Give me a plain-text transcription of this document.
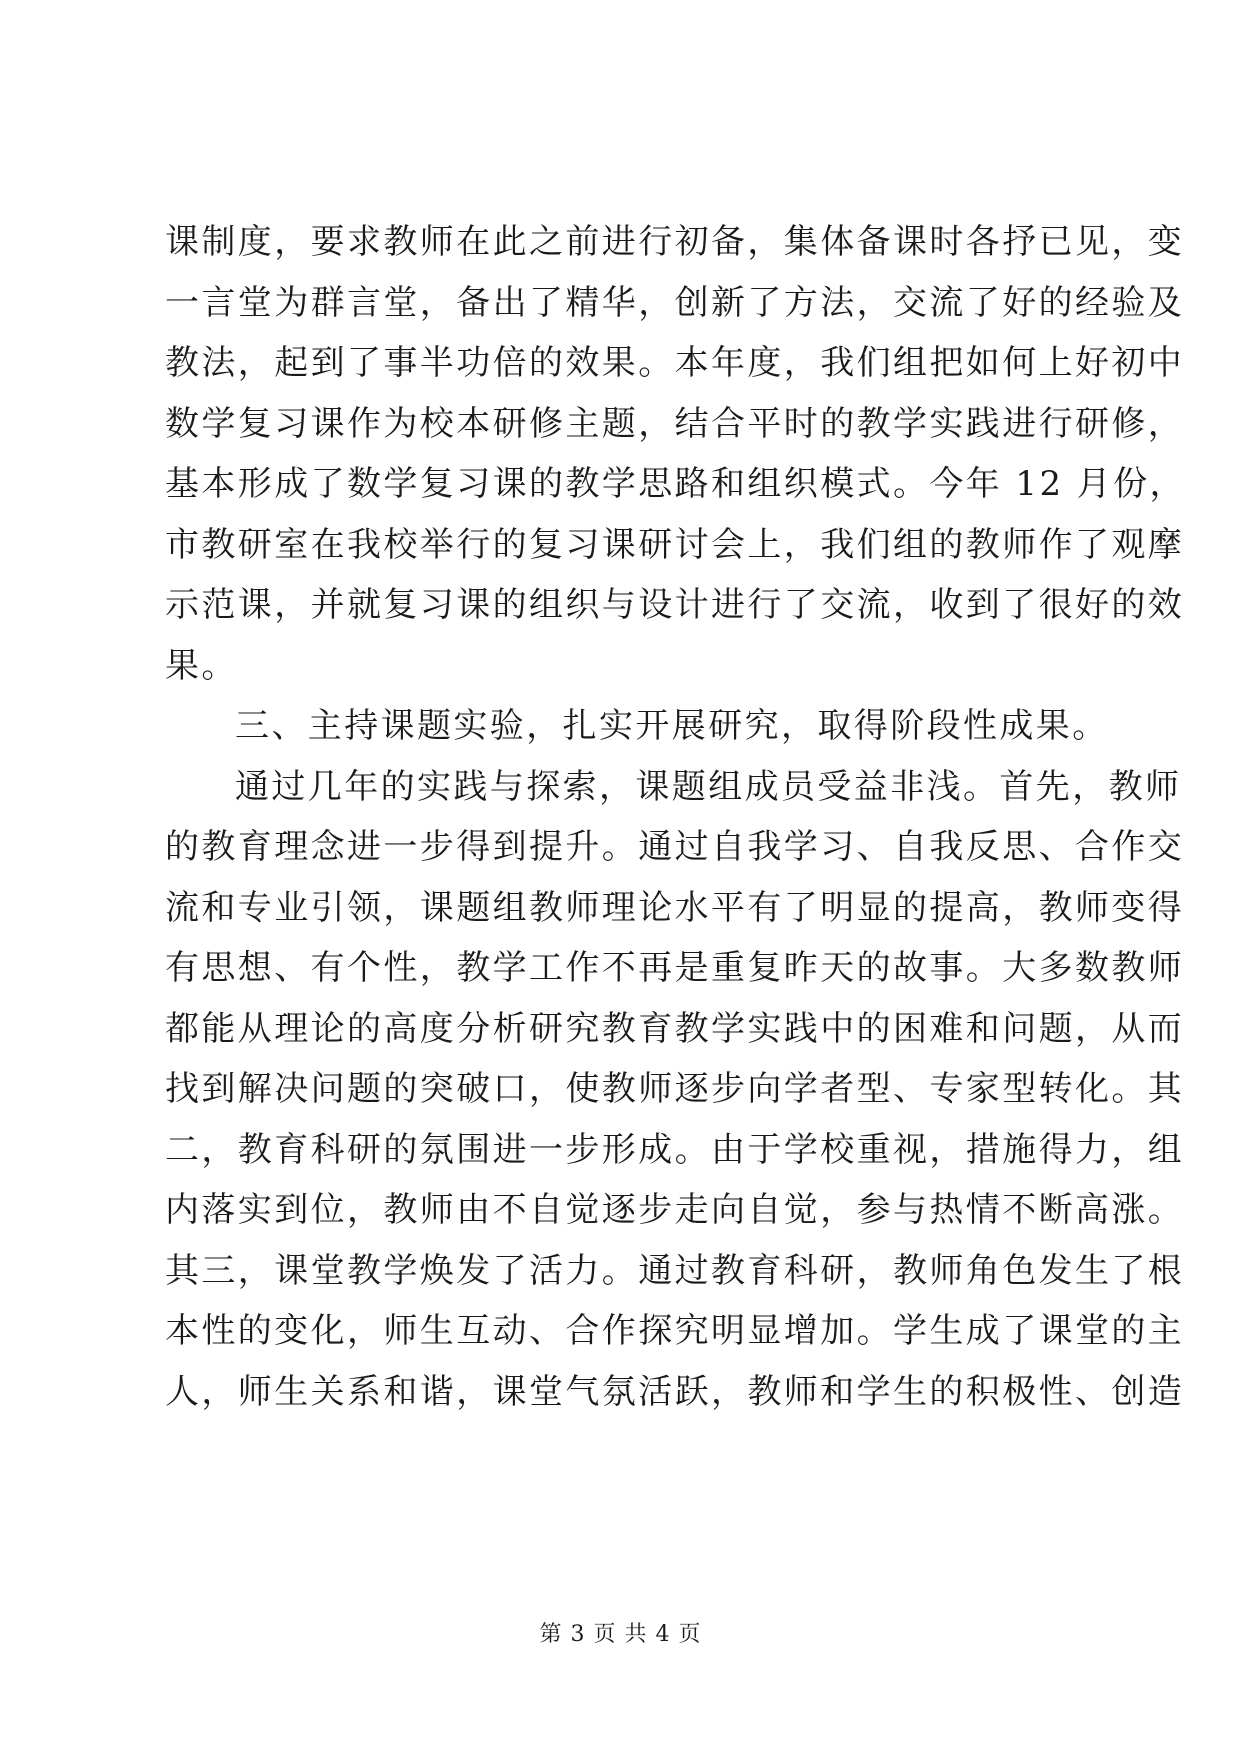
课制度，要求教师在此之前进行初备，集体备课时各抒已见，变
一言堂为群言堂，备出了精华，创新了方法，交流了好的经验及
教法，起到了事半功倍的效果。本年度，我们组把如何上好初中
数学复习课作为校本研修主题，结合平时的教学实践进行研修，
基本形成了数学复习课的教学思路和组织模式。今年 12 月份，
市教研室在我校举行的复习课研讨会上，我们组的教师作了观摩
示范课，并就复习课的组织与设计进行了交流，收到了很好的效
果。
三、主持课题实验，扎实开展研究，取得阶段性成果。
通过几年的实践与探索，课题组成员受益非浅。首先，教师
的教育理念进一步得到提升。通过自我学习、自我反思、合作交
流和专业引领，课题组教师理论水平有了明显的提高，教师变得
有思想、有个性，教学工作不再是重复昨天的故事。大多数教师
都能从理论的高度分析研究教育教学实践中的困难和问题，从而
找到解决问题的突破口，使教师逐步向学者型、专家型转化。其
二，教育科研的氛围进一步形成。由于学校重视，措施得力，组
内落实到位，教师由不自觉逐步走向自觉，参与热情不断高涨。
其三，课堂教学焕发了活力。通过教育科研，教师角色发生了根
本性的变化，师生互动、合作探究明显增加。学生成了课堂的主
人，师生关系和谐，课堂气氛活跃，教师和学生的积极性、创造
第 3 页 共 4 页
